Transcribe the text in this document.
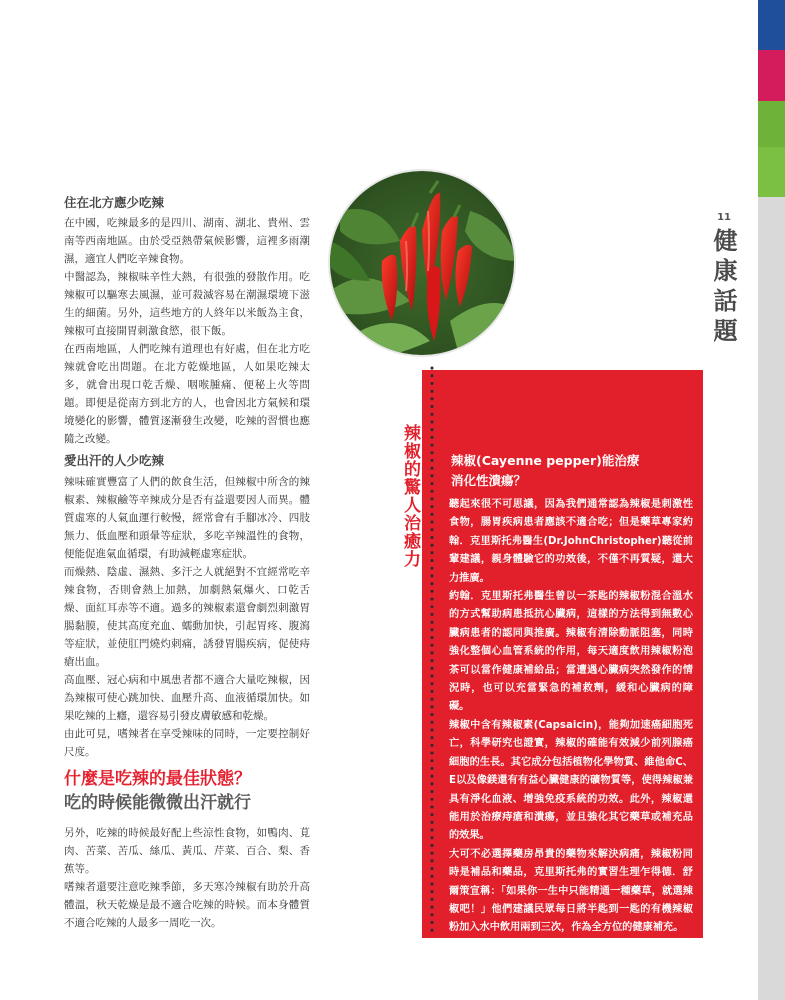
11
健康話題
住在北方應少吃辣
在中國，吃辣最多的是四川、湖南、湖北、貴州、雲南等西南地區。由於受亞熱帶氣候影響，這裡多雨潮濕，適宜人們吃辛辣食物。
中醫認為，辣椒味辛性大熱，有很強的發散作用。吃辣椒可以驅寒去風濕，並可殺滅容易在潮濕環境下滋生的細菌。另外，這些地方的人終年以米飯為主食，辣椒可直接開胃刺激食慾，很下飯。
在西南地區，人們吃辣有道理也有好處，但在北方吃辣就會吃出問題。在北方乾燥地區，人如果吃辣太多，就會出現口乾舌燥、咽喉腫痛、便秘上火等問題。即便是從南方到北方的人，也會因北方氣候和環境變化的影響，體質逐漸發生改變，吃辣的習慣也應隨之改變。
愛出汗的人少吃辣
辣味確實豐富了人們的飲食生活，但辣椒中所含的辣椒素、辣椒鹼等辛辣成分是否有益還要因人而異。體質虛寒的人氣血運行較慢，經常會有手腳冰冷、四肢無力、低血壓和頭暈等症狀，多吃辛辣溫性的食物，便能促進氣血循環，有助減輕虛寒症狀。
而燥熱、陰虛、濕熱、多汗之人就絕對不宜經常吃辛辣食物，否則會熱上加熱，加劇熱氣爆火、口乾舌燥、面紅耳赤等不適。過多的辣椒素還會劇烈刺激胃腸黏膜，使其高度充血、蠕動加快，引起胃疼、腹瀉等症狀，並使肛門燒灼刺痛，誘發胃腸疾病，促使痔瘡出血。
高血壓、冠心病和中風患者都不適合大量吃辣椒，因為辣椒可使心跳加快、血壓升高、血液循環加快。如果吃辣的上癮，還容易引發皮膚敏感和乾燥。
由此可見，嗜辣者在享受辣味的同時，一定要控制好尺度。
什麼是吃辣的最佳狀態？
吃的時候能微微出汗就行
另外，吃辣的時候最好配上些涼性食物，如鴨肉、莧肉、苦菜、苦瓜、絲瓜、黃瓜、芹菜、百合、梨、香蕉等。
嗜辣者還要注意吃辣季節，多天寒冷辣椒有助於升高體溫，秋天乾燥是最不適合吃辣的時候。而本身體質不適合吃辣的人最多一周吃一次。
辣椒的驚人治癒力 辣椒(Cayenne pepper)能治療
消化性潰瘍？

聽起來很不可思議，因為我們通常認為辣椒是刺激性食物，腸胃疾病患者應該不適合吃；但是藥草專家約翰．克里斯托弗醫生(Dr.JohnChristopher)聽從前輩建議，親身體驗它的功效後，不僅不再質疑，還大力推廣。

約翰．克里斯托弗醫生曾以一茶匙的辣椒粉混合溫水的方式幫助病患抵抗心臟病，這樣的方法得到無數心臟病患者的認同與推廣。辣椒有清除動脈阻塞，同時強化整個心血管系統的作用，每天適度飲用辣椒粉泡茶可以當作健康補給品；當遭遇心臟病突然發作的情況時，也可以充當緊急的補救劑，緩和心臟病的障礙。

辣椒中含有辣椒素(Capsaicin)，能夠加速癌細胞死亡，科學研究也證實，辣椒的確能有效減少前列腺癌細胞的生長。其它成分包括植物化學物質、維他命C、E以及像鎂還有有益心臟健康的礦物質等，使得辣椒兼具有淨化血液、增強免疫系統的功效。此外，辣椒還能用於治療痔瘡和潰瘍，並且強化其它藥草或補充品的效果。

大可不必選擇藥房昂貴的藥物來解決病痛，辣椒粉同時是補品和藥品，克里斯托弗的實習生理乍得德．舒爾策宣稱：「如果你一生中只能精通一種藥草，就選辣椒吧！」他們建議民眾每日將半匙到一匙的有機辣椒粉加入水中飲用兩到三次，作為全方位的健康補充。
